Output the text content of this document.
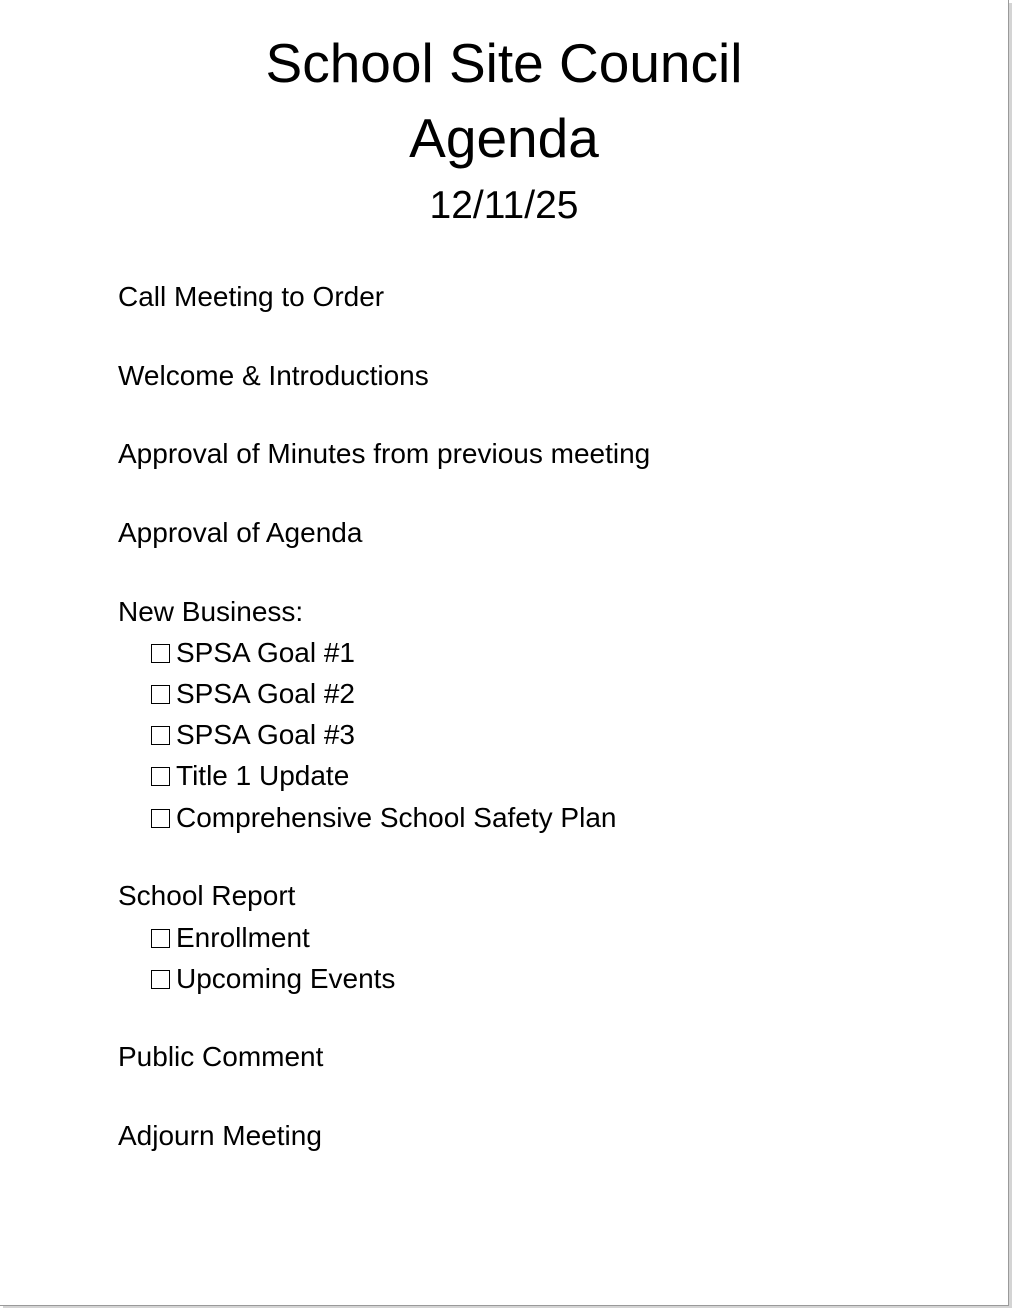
School Site Council
Agenda
12/11/25
Call Meeting to Order
Welcome & Introductions
Approval of Minutes from previous meeting
Approval of Agenda
New Business:
SPSA Goal #1
SPSA Goal #2
SPSA Goal #3
Title 1 Update
Comprehensive School Safety Plan
School Report
Enrollment
Upcoming Events
Public Comment
Adjourn Meeting
